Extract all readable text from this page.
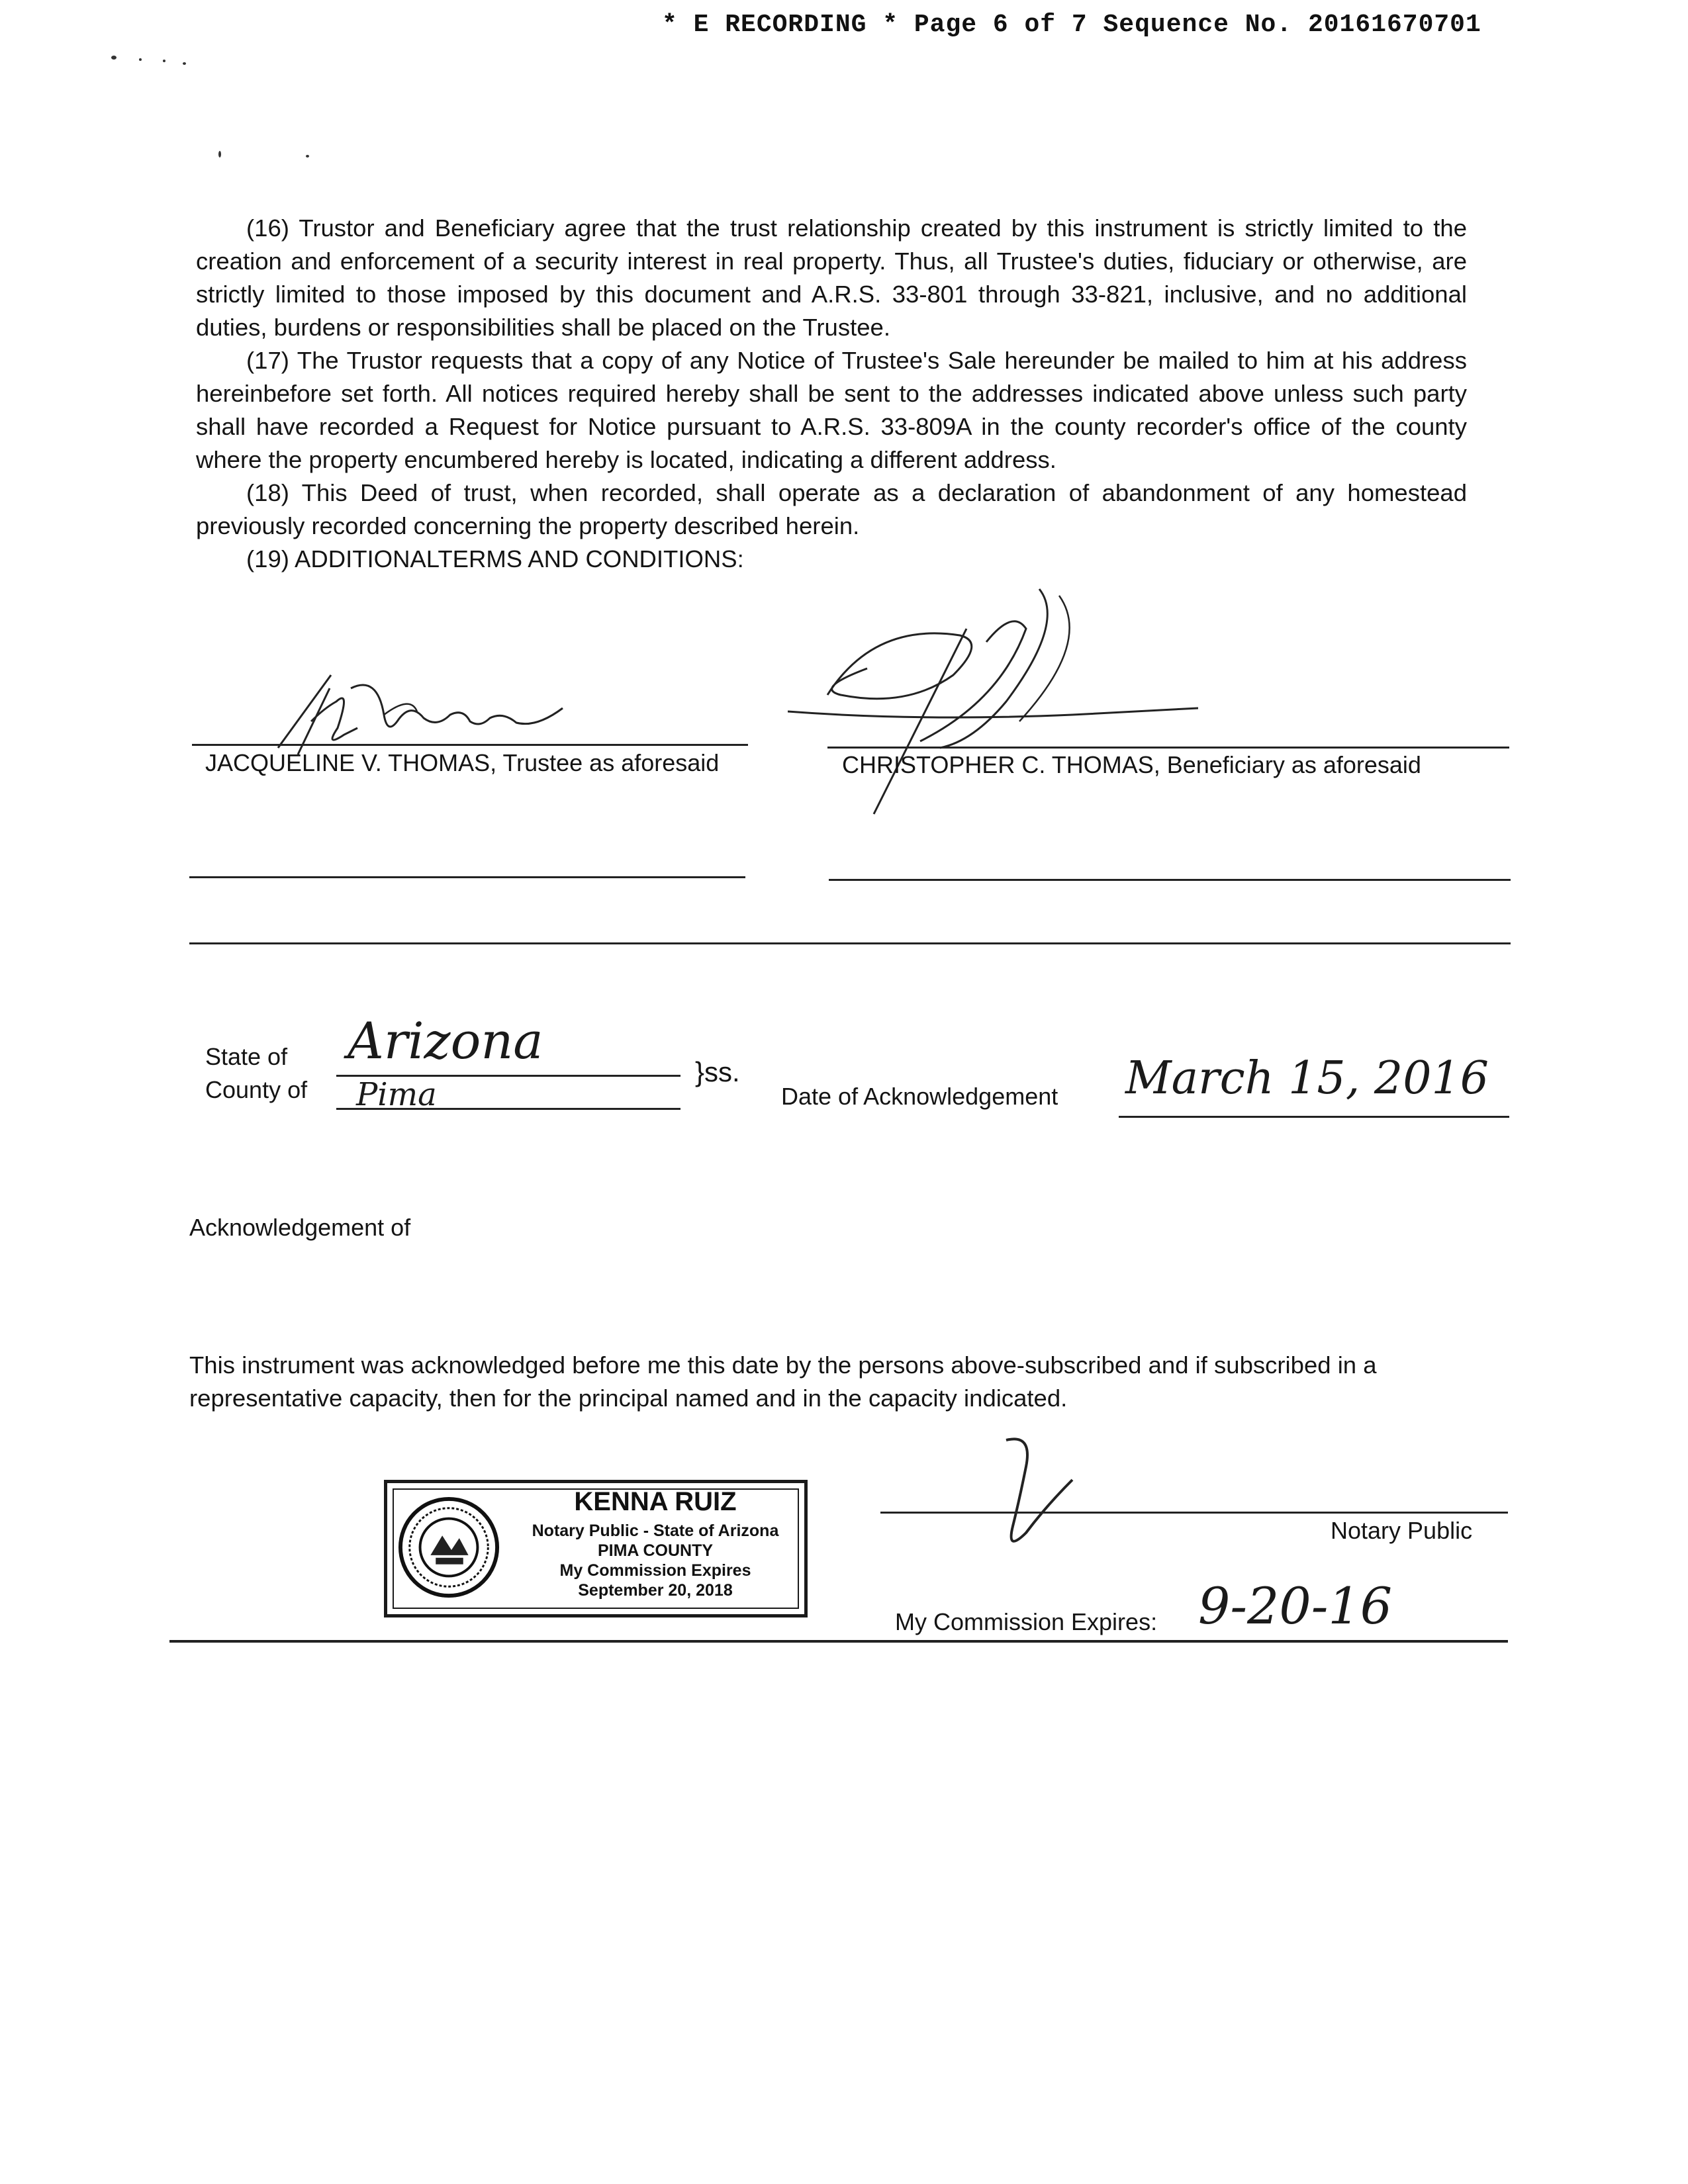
* E RECORDING * Page 6 of 7 Sequence No. 20161670701

(16) Trustor and Beneficiary agree that the trust relationship created by this instrument is strictly limited to the creation and enforcement of a security interest in real property. Thus, all Trustee's duties, fiduciary or otherwise, are strictly limited to those imposed by this document and A.R.S. 33-801 through 33-821, inclusive, and no additional duties, burdens or responsibilities shall be placed on the Trustee.

(17) The Trustor requests that a copy of any Notice of Trustee's Sale hereunder be mailed to him at his address hereinbefore set forth. All notices required hereby shall be sent to the addresses indicated above unless such party shall have recorded a Request for Notice pursuant to A.R.S. 33-809A in the county recorder's office of the county where the property encumbered hereby is located, indicating a different address.

(18) This Deed of trust, when recorded, shall operate as a declaration of abandonment of any homestead previously recorded concerning the property described herein.

(19) ADDITIONALTERMS AND CONDITIONS:

JACQUELINE V. THOMAS, Trustee as aforesaid	CHRISTOPHER C. THOMAS, Beneficiary as aforesaid
State of Arizona
County of Pima
}ss.
Date of Acknowledgement March 15, 2016
Acknowledgement of

This instrument was acknowledged before me this date by the persons above-subscribed and if subscribed in a representative capacity, then for the principal named and in the capacity indicated.

KENNA RUIZ
Notary Public - State of Arizona
PIMA COUNTY
My Commission Expires
September 20, 2018
Notary Public
My Commission Expires: 9-20-16
